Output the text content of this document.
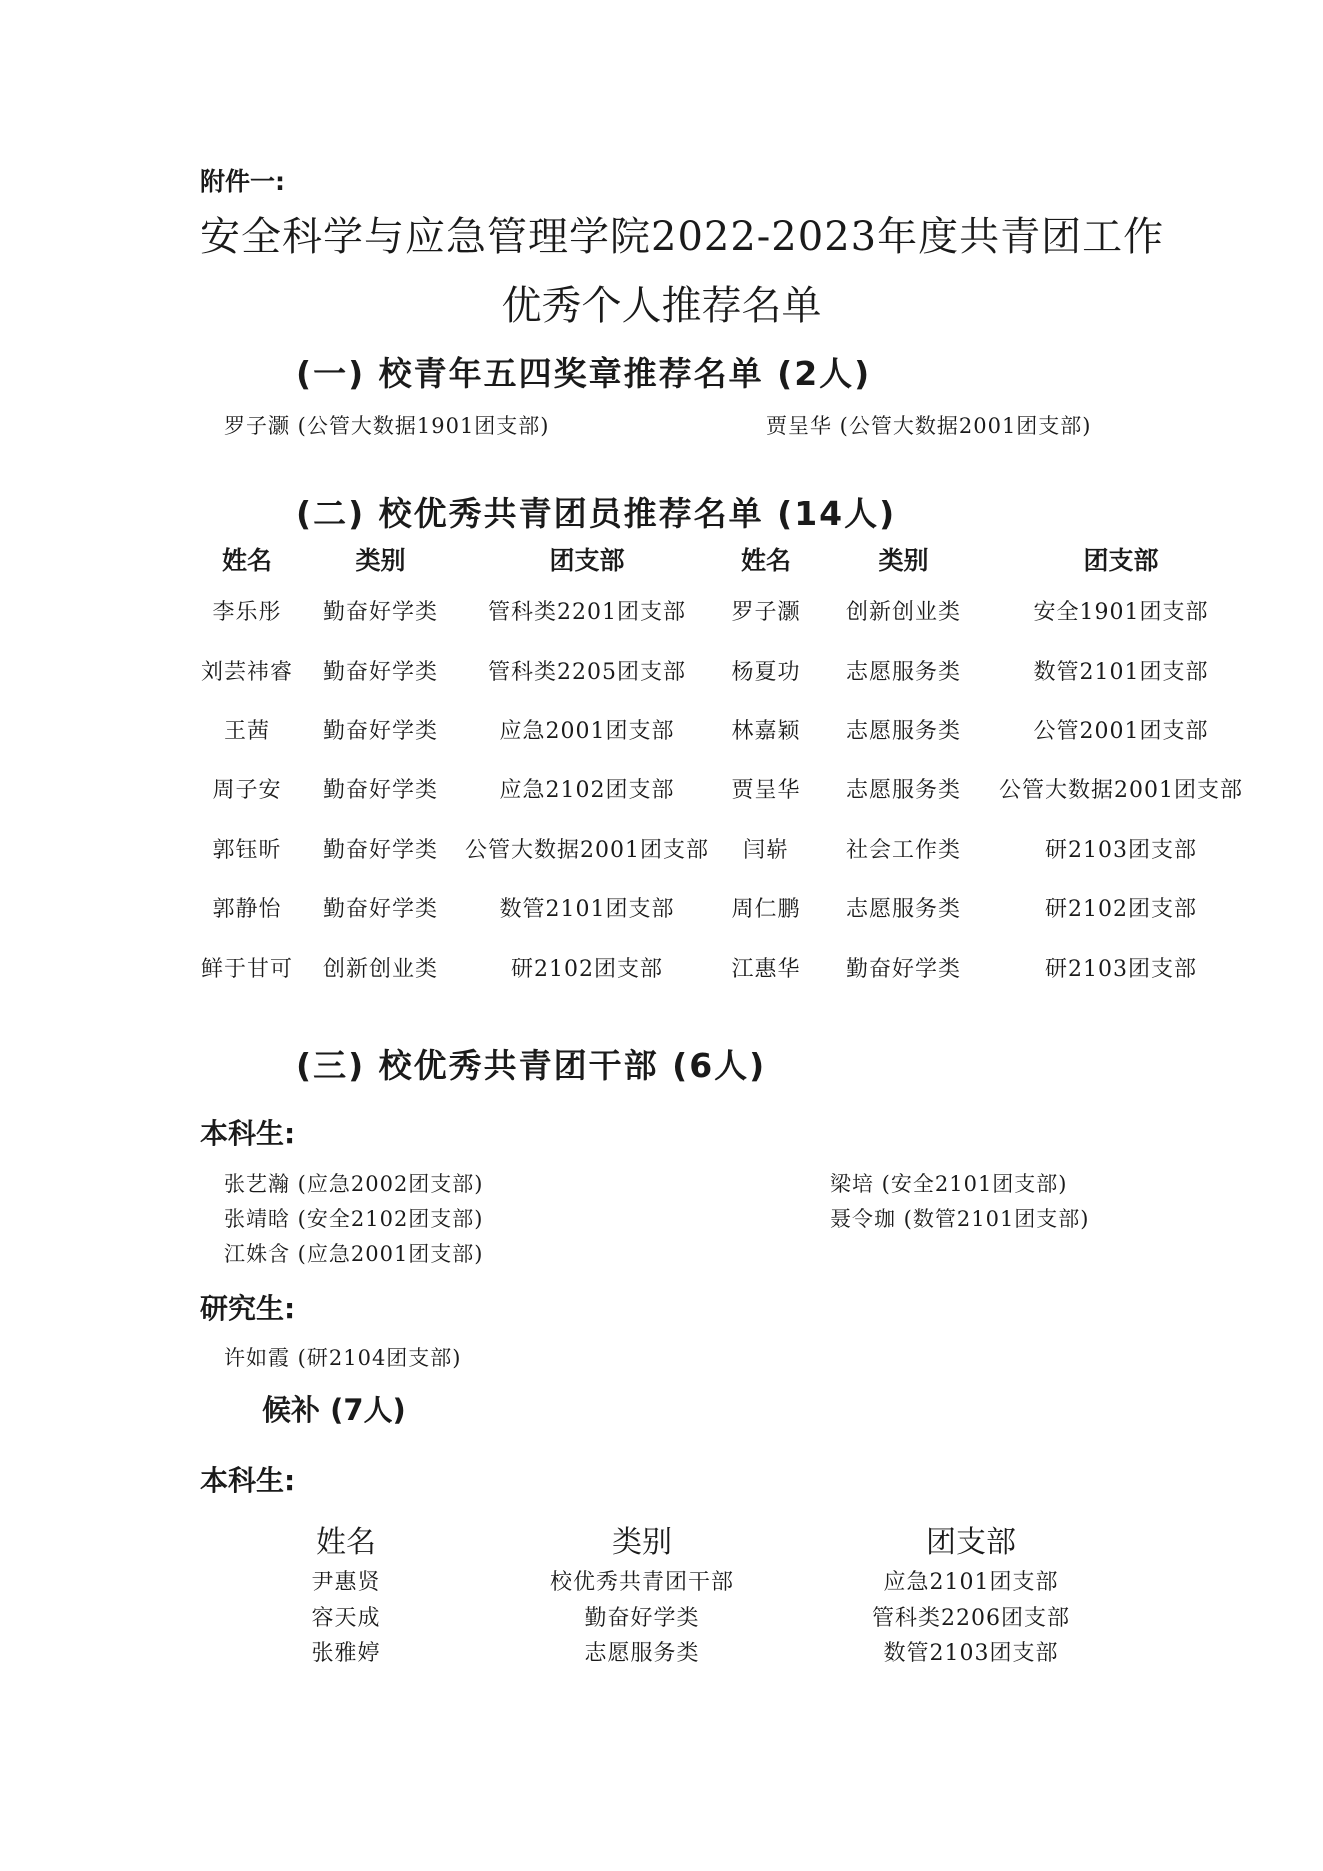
附件一:
安全科学与应急管理学院2022-2023年度共青团工作
优秀个人推荐名单
(一) 校青年五四奖章推荐名单 (2人)
罗子灏 (公管大数据1901团支部)	贾呈华 (公管大数据2001团支部)
(二) 校优秀共青团员推荐名单 (14人)
姓名	类别	团支部	姓名	类别	团支部
李乐彤	勤奋好学类	管科类2201团支部	罗子灏	创新创业类	安全1901团支部
刘芸祎睿	勤奋好学类	管科类2205团支部	杨夏功	志愿服务类	数管2101团支部
王茜	勤奋好学类	应急2001团支部	林嘉颖	志愿服务类	公管2001团支部
周子安	勤奋好学类	应急2102团支部	贾呈华	志愿服务类	公管大数据2001团支部
郭钰昕	勤奋好学类	公管大数据2001团支部	闫崭	社会工作类	研2103团支部
郭静怡	勤奋好学类	数管2101团支部	周仁鹏	志愿服务类	研2102团支部
鲜于甘可	创新创业类	研2102团支部	江惠华	勤奋好学类	研2103团支部
(三) 校优秀共青团干部 (6人)
本科生:
张艺瀚 (应急2002团支部)
张靖晗 (安全2102团支部)
江姝含 (应急2001团支部)
梁培 (安全2101团支部)
聂令珈 (数管2101团支部)
研究生:
许如霞 (研2104团支部)
候补 (7人)
本科生:
姓名	类别	团支部
尹惠贤	校优秀共青团干部	应急2101团支部
容天成	勤奋好学类	管科类2206团支部
张雅婷	志愿服务类	数管2103团支部
